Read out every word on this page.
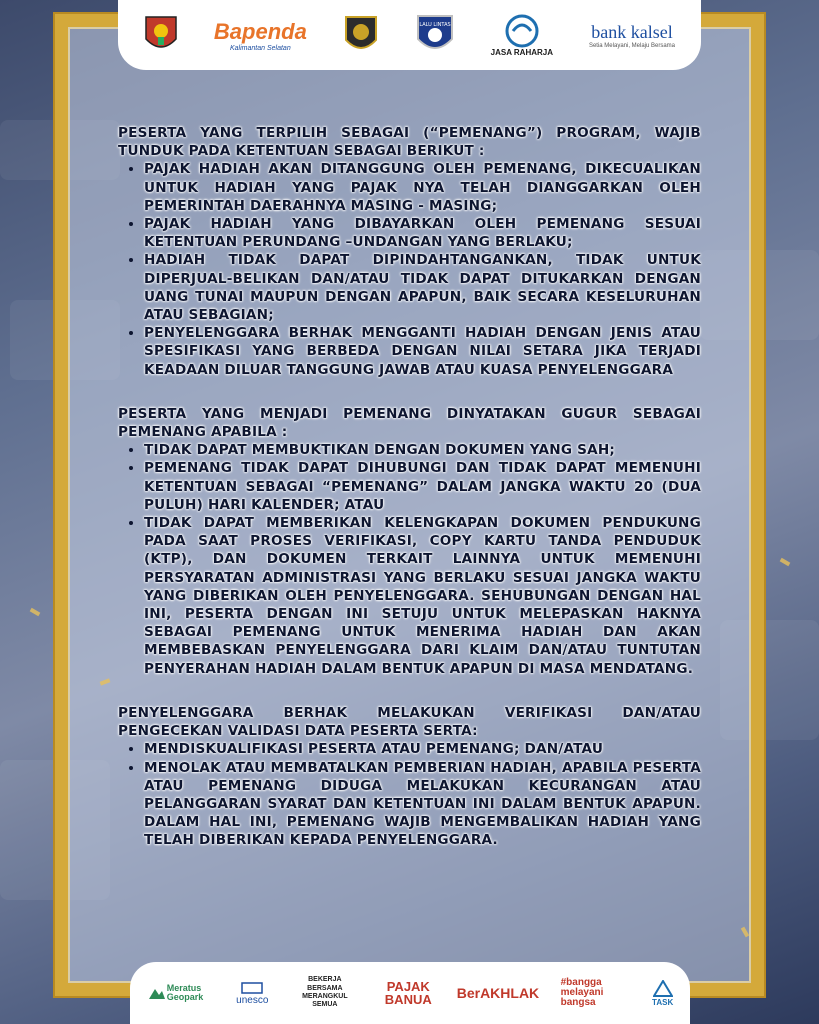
Bapenda
Kalimantan Selatan
LALU LINTAS
JASA RAHARJA
bank kalsel
Setia Melayani, Melaju Bersama

PESERTA YANG TERPILIH SEBAGAI (“PEMENANG”) PROGRAM, WAJIB TUNDUK PADA KETENTUAN SEBAGAI BERIKUT :

• PAJAK HADIAH AKAN DITANGGUNG OLEH PEMENANG, DIKECUALIKAN UNTUK HADIAH YANG PAJAK NYA TELAH DIANGGARKAN OLEH PEMERINTAH DAERAHNYA MASING - MASING;
• PAJAK HADIAH YANG DIBAYARKAN OLEH PEMENANG SESUAI KETENTUAN PERUNDANG –UNDANGAN YANG BERLAKU;
• HADIAH TIDAK DAPAT DIPINDAHTANGANKAN, TIDAK UNTUK DIPERJUAL-BELIKAN DAN/ATAU TIDAK DAPAT DITUKARKAN DENGAN UANG TUNAI MAUPUN DENGAN APAPUN, BAIK SECARA KESELURUHAN ATAU SEBAGIAN;
• PENYELENGGARA BERHAK MENGGANTI HADIAH DENGAN JENIS ATAU SPESIFIKASI YANG BERBEDA DENGAN NILAI SETARA JIKA TERJADI KEADAAN DILUAR TANGGUNG JAWAB ATAU KUASA PENYELENGGARA

PESERTA YANG MENJADI PEMENANG DINYATAKAN GUGUR SEBAGAI PEMENANG APABILA :

• TIDAK DAPAT MEMBUKTIKAN DENGAN DOKUMEN YANG SAH;
• PEMENANG TIDAK DAPAT DIHUBUNGI DAN TIDAK DAPAT MEMENUHI KETENTUAN SEBAGAI “PEMENANG” DALAM JANGKA WAKTU 20 (DUA PULUH) HARI KALENDER; ATAU
• TIDAK DAPAT MEMBERIKAN KELENGKAPAN DOKUMEN PENDUKUNG PADA SAAT PROSES VERIFIKASI, COPY KARTU TANDA PENDUDUK (KTP), DAN DOKUMEN TERKAIT LAINNYA UNTUK MEMENUHI PERSYARATAN ADMINISTRASI YANG BERLAKU SESUAI JANGKA WAKTU YANG DIBERIKAN OLEH PENYELENGGARA. SEHUBUNGAN DENGAN HAL INI, PESERTA DENGAN INI SETUJU UNTUK MELEPASKAN HAKNYA SEBAGAI PEMENANG UNTUK MENERIMA HADIAH DAN AKAN MEMBEBASKAN PENYELENGGARA DARI KLAIM DAN/ATAU TUNTUTAN PENYERAHAN HADIAH DALAM BENTUK APAPUN DI MASA MENDATANG.

PENYELENGGARA BERHAK MELAKUKAN VERIFIKASI DAN/ATAU PENGECEKAN VALIDASI DATA PESERTA SERTA:

• MENDISKUALIFIKASI PESERTA ATAU PEMENANG; DAN/ATAU
• MENOLAK ATAU MEMBATALKAN PEMBERIAN HADIAH, APABILA PESERTA ATAU PEMENANG DIDUGA MELAKUKAN KECURANGAN ATAU PELANGGARAN SYARAT DAN KETENTUAN INI DALAM BENTUK APAPUN. DALAM HAL INI, PEMENANG WAJIB MENGEMBALIKAN HADIAH YANG TELAH DIBERIKAN KEPADA PENYELENGGARA.
Meratus Geopark	unesco
BEKERJA BERSAMA MERANGKUL SEMUA
PAJAK BANUA BerAKHLAK
#bangga melayani bangsa	TASK
